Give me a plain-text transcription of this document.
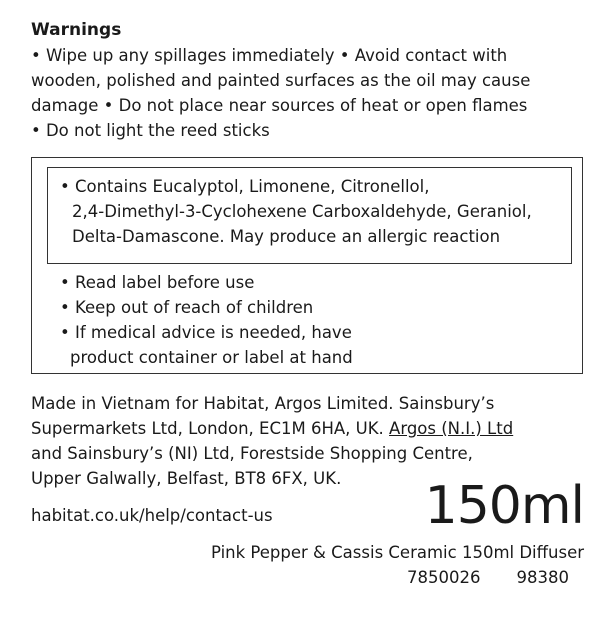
Warnings
• Wipe up any spillages immediately • Avoid contact with
wooden, polished and painted surfaces as the oil may cause
damage • Do not place near sources of heat or open flames
• Do not light the reed sticks
• Contains Eucalyptol, Limonene, Citronellol,
2,4-Dimethyl-3-Cyclohexene Carboxaldehyde, Geraniol,
Delta-Damascone. May produce an allergic reaction
• Read label before use
• Keep out of reach of children
• If medical advice is needed, have
product container or label at hand
Made in Vietnam for Habitat, Argos Limited. Sainsbury’s
Supermarkets Ltd, London, EC1M 6HA, UK. Argos (N.I.) Ltd
and Sainsbury’s (NI) Ltd, Forestside Shopping Centre,
Upper Galwally, Belfast, BT8 6FX, UK.
habitat.co.uk/help/contact-us	150ml
Pink Pepper & Cassis Ceramic 150ml Diffuser
7850026 98380
